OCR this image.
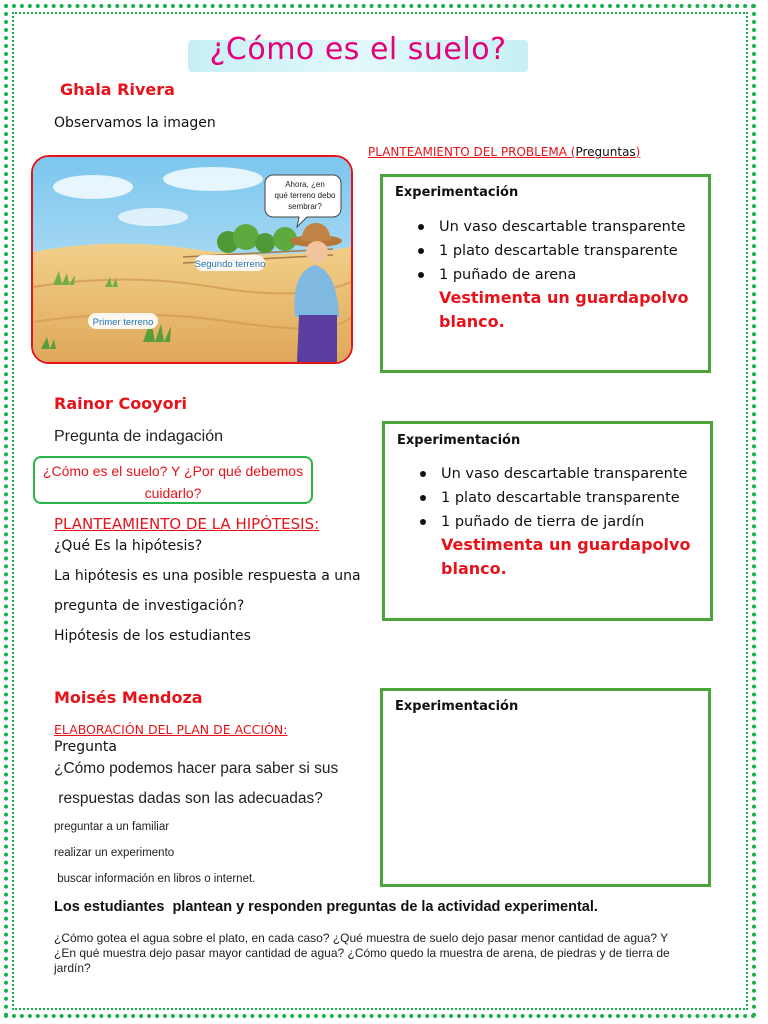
¿Cómo es el suelo?
Ghala Rivera
Observamos la imagen
PLANTEAMIENTO DEL PROBLEMA (Preguntas)
Segundo terreno
Primer terreno
Ahora, ¿en
qué terreno debo
sembrar?
Experimentación
Un vaso descartable transparente
1 plato descartable transparente
1 puñado de arena
Vestimenta un guardapolvo
blanco.
Rainor Cooyori
Pregunta de indagación
¿Cómo es el suelo? Y ¿Por qué debemos
cuidarlo?
PLANTEAMIENTO DE LA HIPÓTESIS:
¿Qué Es la hipótesis?
La hipótesis es una posible respuesta a una
pregunta de investigación?
Hipótesis de los estudiantes
Experimentación
Un vaso descartable transparente
1 plato descartable transparente
1 puñado de tierra de jardín
Vestimenta un guardapolvo
blanco.
Moisés Mendoza
ELABORACIÓN DEL PLAN DE ACCIÓN:
Pregunta
¿Cómo podemos hacer para saber si sus
respuestas dadas son las adecuadas?
preguntar a un familiar
realizar un experimento
buscar información en libros o internet.
Experimentación
Los estudiantes  plantean y responden preguntas de la actividad experimental.
¿Cómo gotea el agua sobre el plato, en cada caso? ¿Qué muestra de suelo dejo pasar menor cantidad de agua? Y
¿En qué muestra dejo pasar mayor cantidad de agua? ¿Cómo quedo la muestra de arena, de piedras y de tierra de
jardín?
